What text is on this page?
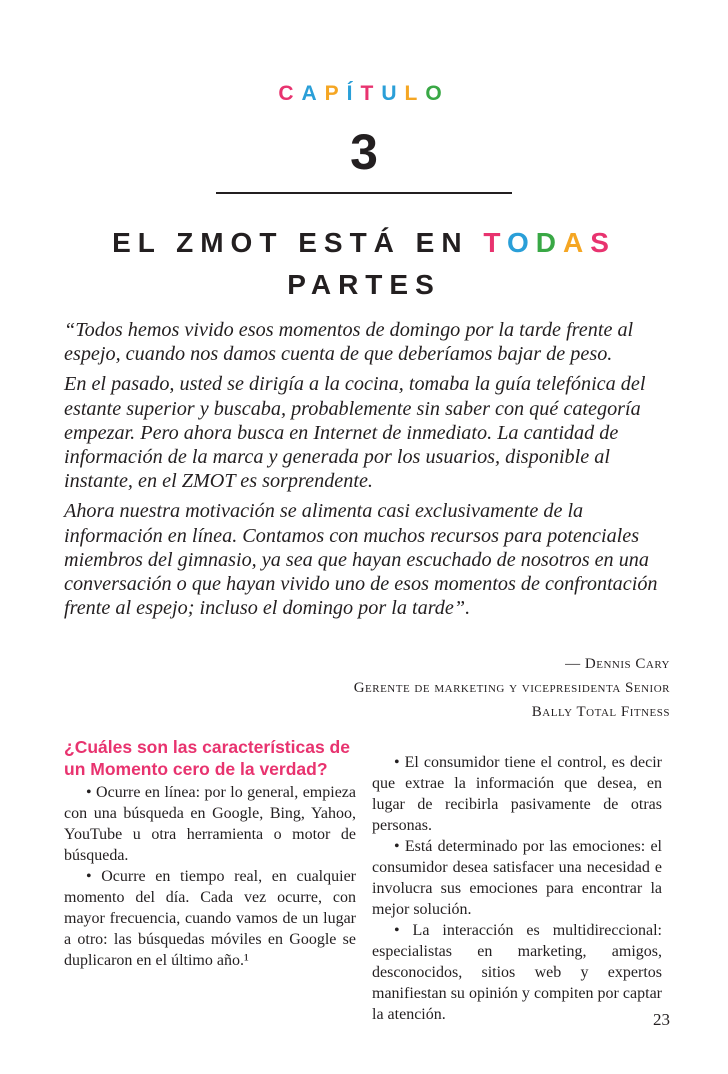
CAPÍTULO
3
EL ZMOT ESTÁ EN TODAS
PARTES

“Todos hemos vivido esos momentos de domingo por la tarde frente al espejo, cuando nos damos cuenta de que deberíamos bajar de peso.

En el pasado, usted se dirigía a la cocina, tomaba la guía telefónica del estante superior y buscaba, probablemente sin saber con qué categoría empezar. Pero ahora busca en Internet de inmediato. La cantidad de información de la marca y generada por los usuarios, disponible al instante, en el ZMOT es sorprendente.

Ahora nuestra motivación se alimenta casi exclusivamente de la información en línea. Contamos con muchos recursos para potenciales miembros del gimnasio, ya sea que hayan escuchado de nosotros en una conversación o que hayan vivido uno de esos momentos de confrontación frente al espejo; incluso el domingo por la tarde”.

— Dennis Cary
Gerente de marketing y vicepresidenta Senior
Bally Total Fitness
¿Cuáles son las características de un Momento cero de la verdad?

• Ocurre en línea: por lo general, empieza con una búsqueda en Google, Bing, Yahoo, YouTube u otra herramienta o motor de búsqueda.

• Ocurre en tiempo real, en cualquier momento del día. Cada vez ocurre, con mayor frecuencia, cuando vamos de un lugar a otro: las búsquedas móviles en Google se duplicaron en el último año.¹

• El consumidor tiene el control, es decir que extrae la información que desea, en lugar de recibirla pasivamente de otras personas.

• Está determinado por las emociones: el consumidor desea satisfacer una necesidad e involucra sus emociones para encontrar la mejor solución.

• La interacción es multidireccional: especialistas en marketing, amigos, desconocidos, sitios web y expertos manifiestan su opinión y compiten por captar la atención.	23
